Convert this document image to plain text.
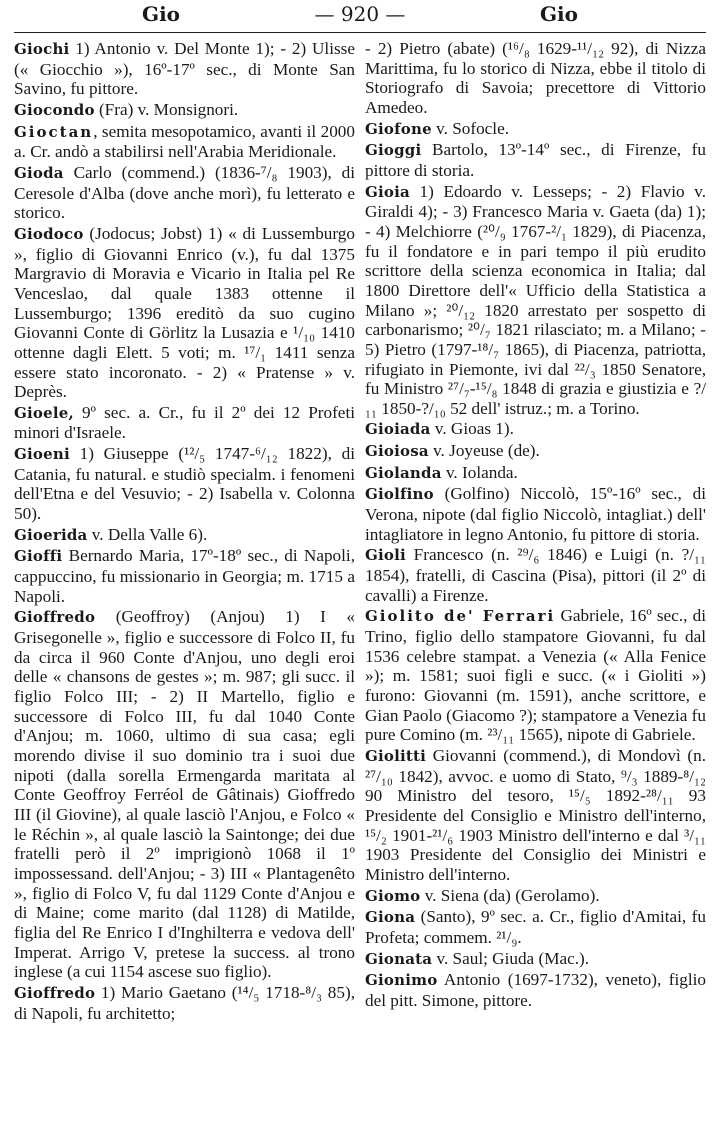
Gio	— 920 —	Gio

Giochi 1) Antonio v. Del Monte 1); - 2) Ulisse (« Giocchio »), 16º-17º sec., di Monte San Savino, fu pittore.

Giocondo (Fra) v. Monsignori.

Gioctan, semita mesopotamico, avanti il 2000 a. Cr. andò a stabilirsi nell'Arabia Meridionale.

Gioda Carlo (commend.) (1836-⁷/₈ 1903), di Ceresole d'Alba (dove anche morì), fu letterato e storico.

Giodoco (Jodocus; Jobst) 1) « di Lussemburgo », figlio di Giovanni Enrico (v.), fu dal 1375 Margravio di Moravia e Vicario in Italia pel Re Venceslao, dal quale 1383 ottenne il Lussemburgo; 1396 ereditò da suo cugino Giovanni Conte di Görlitz la Lusazia e ¹/₁₀ 1410 ottenne dagli Elett. 5 voti; m. ¹⁷/₁ 1411 senza essere stato incoronato. - 2) « Pratense » v. Deprès.

Gioele, 9º sec. a. Cr., fu il 2º dei 12 Profeti minori d'Israele.

Gioeni 1) Giuseppe (¹²/₅ 1747-⁶/₁₂ 1822), di Catania, fu natural. e studiò specialm. i fenomeni dell'Etna e del Vesuvio; - 2) Isabella v. Colonna 50).

Gioerida v. Della Valle 6).

Gioffi Bernardo Maria, 17º-18º sec., di Napoli, cappuccino, fu missionario in Georgia; m. 1715 a Napoli.

Gioffredo (Geoffroy) (Anjou) 1) I « Grisegonelle », figlio e successore di Folco II, fu da circa il 960 Conte d'Anjou, uno degli eroi delle « chansons de gestes »; m. 987; gli succ. il figlio Folco III; - 2) II Martello, figlio e successore di Folco III, fu dal 1040 Conte d'Anjou; m. 1060, ultimo di sua casa; egli morendo divise il suo dominio tra i suoi due nipoti (dalla sorella Ermengarda maritata al Conte Geoffroy Ferréol de Gâtinais) Gioffredo III (il Giovine), al quale lasciò l'Anjou, e Folco « le Réchin », al quale lasciò la Saintonge; dei due fratelli però il 2º imprigionò 1068 il 1º impossessand. dell'Anjou; - 3) III « Plantagenêto », figlio di Folco V, fu dal 1129 Conte d'Anjou e di Maine; come marito (dal 1128) di Matilde, figlia del Re Enrico I d'Inghilterra e vedova dell' Imperat. Arrigo V, pretese la success. al trono inglese (a cui 1154 ascese suo figlio).

Gioffredo 1) Mario Gaetano (¹⁴/₅ 1718-⁸/₃ 85), di Napoli, fu architetto;

- 2) Pietro (abate) (¹⁶/₈ 1629-¹¹/₁₂ 92), di Nizza Marittima, fu lo storico di Nizza, ebbe il titolo di Storiografo di Savoia; precettore di Vittorio Amedeo.

Giofone v. Sofocle.

Gioggi Bartolo, 13º-14º sec., di Firenze, fu pittore di storia.

Gioia 1) Edoardo v. Lesseps; - 2) Flavio v. Giraldi 4); - 3) Francesco Maria v. Gaeta (da) 1); - 4) Melchiorre (²⁰/₉ 1767-²/₁ 1829), di Piacenza, fu il fondatore e in pari tempo il più erudito scrittore della scienza economica in Italia; dal 1800 Direttore dell'« Ufficio della Statistica a Milano »; ²⁰/₁₂ 1820 arrestato per sospetto di carbonarismo; ²⁰/₇ 1821 rilasciato; m. a Milano; - 5) Pietro (1797-¹⁸/₇ 1865), di Piacenza, patriotta, rifugiato in Piemonte, ivi dal ²²/₃ 1850 Senatore, fu Ministro ²⁷/₇-¹⁵/₈ 1848 di grazia e giustizia e ?/₁₁ 1850-?/₁₀ 52 dell' istruz.; m. a Torino.

Gioiada v. Gioas 1).

Gioiosa v. Joyeuse (de).

Giolanda v. Iolanda.

Giolfino (Golfino) Niccolò, 15º-16º sec., di Verona, nipote (dal figlio Niccolò, intagliat.) dell' intagliatore in legno Antonio, fu pittore di storia.

Gioli Francesco (n. ²⁹/₆ 1846) e Luigi (n. ?/₁₁ 1854), fratelli, di Cascina (Pisa), pittori (il 2º di cavalli) a Firenze.

Giolito de' Ferrari Gabriele, 16º sec., di Trino, figlio dello stampatore Giovanni, fu dal 1536 celebre stampat. a Venezia (« Alla Fenice »); m. 1581; suoi figli e succ. (« i Gioliti ») furono: Giovanni (m. 1591), anche scrittore, e Gian Paolo (Giacomo ?); stampatore a Venezia fu pure Comino (m. ²³/₁₁ 1565), nipote di Gabriele.

Giolitti Giovanni (commend.), di Mondovì (n. ²⁷/₁₀ 1842), avvoc. e uomo di Stato, ⁹/₃ 1889-⁸/₁₂ 90 Ministro del tesoro, ¹⁵/₅ 1892-²⁸/₁₁ 93 Presidente del Consiglio e Ministro dell'interno, ¹⁵/₂ 1901-²¹/₆ 1903 Ministro dell'interno e dal ³/₁₁ 1903 Presidente del Consiglio dei Ministri e Ministro dell'interno.

Giomo v. Siena (da) (Gerolamo).

Giona (Santo), 9º sec. a. Cr., figlio d'Amitai, fu Profeta; commem. ²¹/₉.

Gionata v. Saul; Giuda (Mac.).

Gionimo Antonio (1697-1732), veneto), figlio del pitt. Simone, pittore.
